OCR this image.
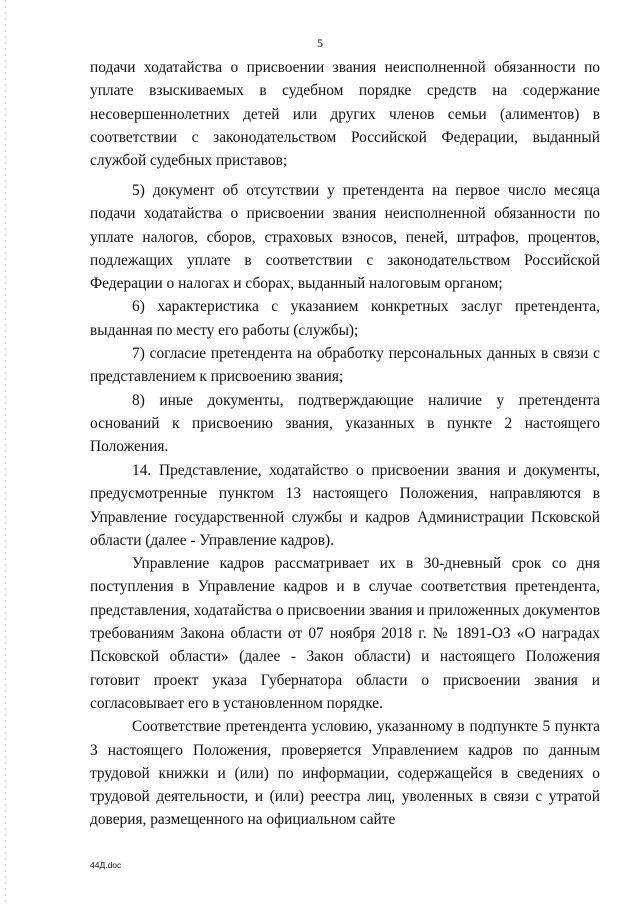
5

подачи ходатайства о присвоении звания неисполненной обязанности по уплате взыскиваемых в судебном порядке средств на содержание несовершеннолетних детей или других членов семьи (алиментов) в соответствии с законодательством Российской Федерации, выданный службой судебных приставов;

5) документ об отсутствии у претендента на первое число месяца подачи ходатайства о присвоении звания неисполненной обязанности по уплате налогов, сборов, страховых взносов, пеней, штрафов, процентов, подлежащих уплате в соответствии с законодательством Российской Федерации о налогах и сборах, выданный налоговым органом;

6) характеристика с указанием конкретных заслуг претендента, выданная по месту его работы (службы);

7) согласие претендента на обработку персональных данных в связи с представлением к присвоению звания;

8) иные документы, подтверждающие наличие у претендента оснований к присвоению звания, указанных в пункте 2 настоящего Положения.

14. Представление, ходатайство о присвоении звания и документы, предусмотренные пунктом 13 настоящего Положения, направляются в Управление государственной службы и кадров Администрации Псковской области (далее - Управление кадров).

Управление кадров рассматривает их в 30-дневный срок со дня поступления в Управление кадров и в случае соответствия претендента, представления, ходатайства о присвоении звания и приложенных документов требованиям Закона области от 07 ноября 2018 г. № 1891-ОЗ «О наградах Псковской области» (далее - Закон области) и настоящего Положения готовит проект указа Губернатора области о присвоении звания и согласовывает его в установленном порядке.

Соответствие претендента условию, указанному в подпункте 5 пункта 3 настоящего Положения, проверяется Управлением кадров по данным трудовой книжки и (или) по информации, содержащейся в сведениях о трудовой деятельности, и (или) реестра лиц, уволенных в связи с утратой доверия, размещенного на официальном сайте

44Д.doc
